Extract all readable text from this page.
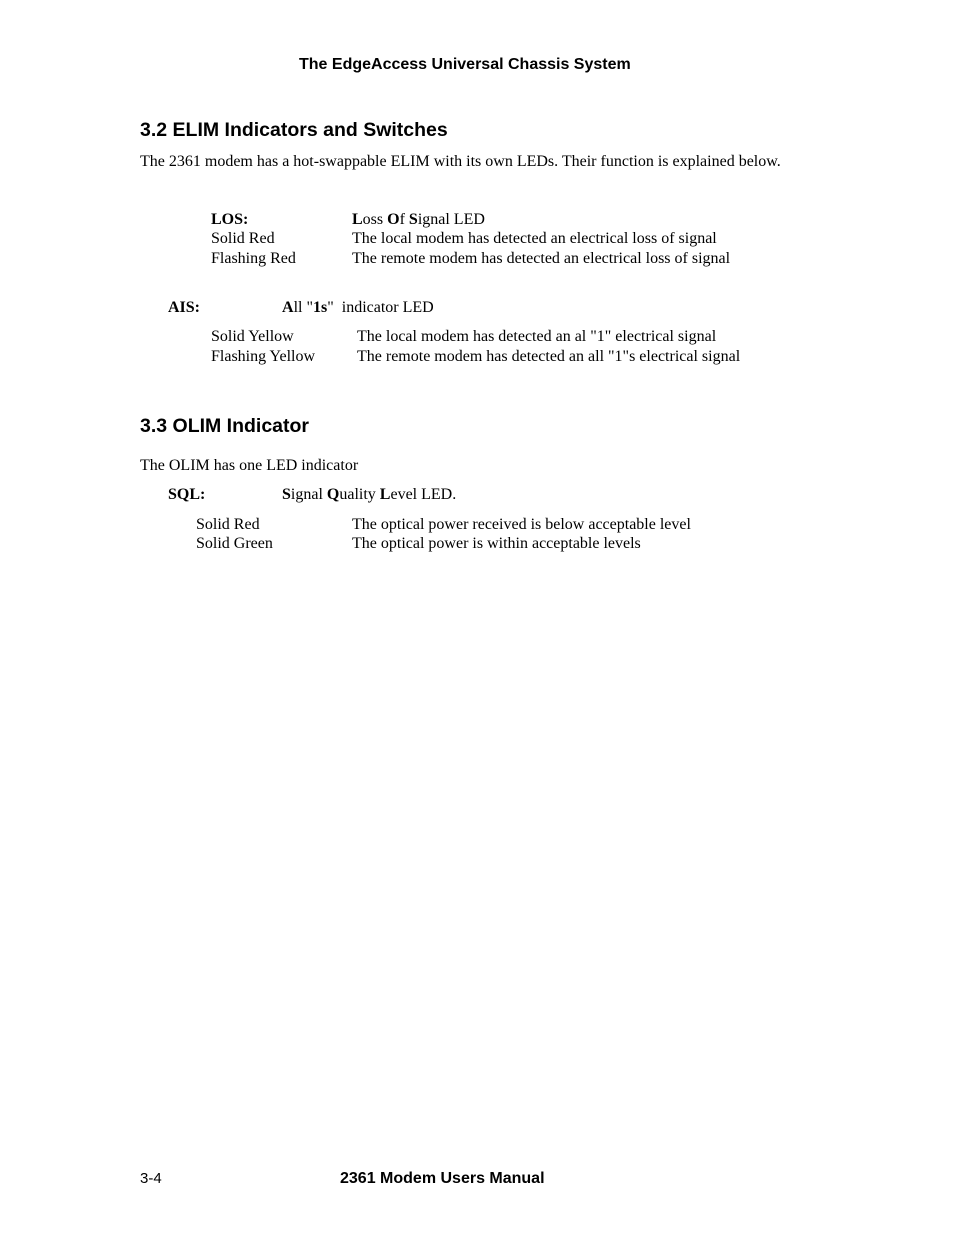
The EdgeAccess Universal Chassis System
3.2 ELIM Indicators and Switches
The 2361 modem has a hot-swappable ELIM with its own LEDs. Their function is explained below.
LOS:	Loss Of Signal LED
Solid Red	The local modem has detected an electrical loss of signal
Flashing Red	The remote modem has detected an electrical loss of signal
AIS:	All "1s"  indicator LED
Solid Yellow	The local modem has detected an al "1" electrical signal
Flashing Yellow	The remote modem has detected an all "1"s electrical signal
3.3 OLIM Indicator
The OLIM has one LED indicator
SQL:	Signal Quality Level LED.
Solid Red	The optical power received is below acceptable level
Solid Green	The optical power is within acceptable levels
3-4	2361 Modem Users Manual
